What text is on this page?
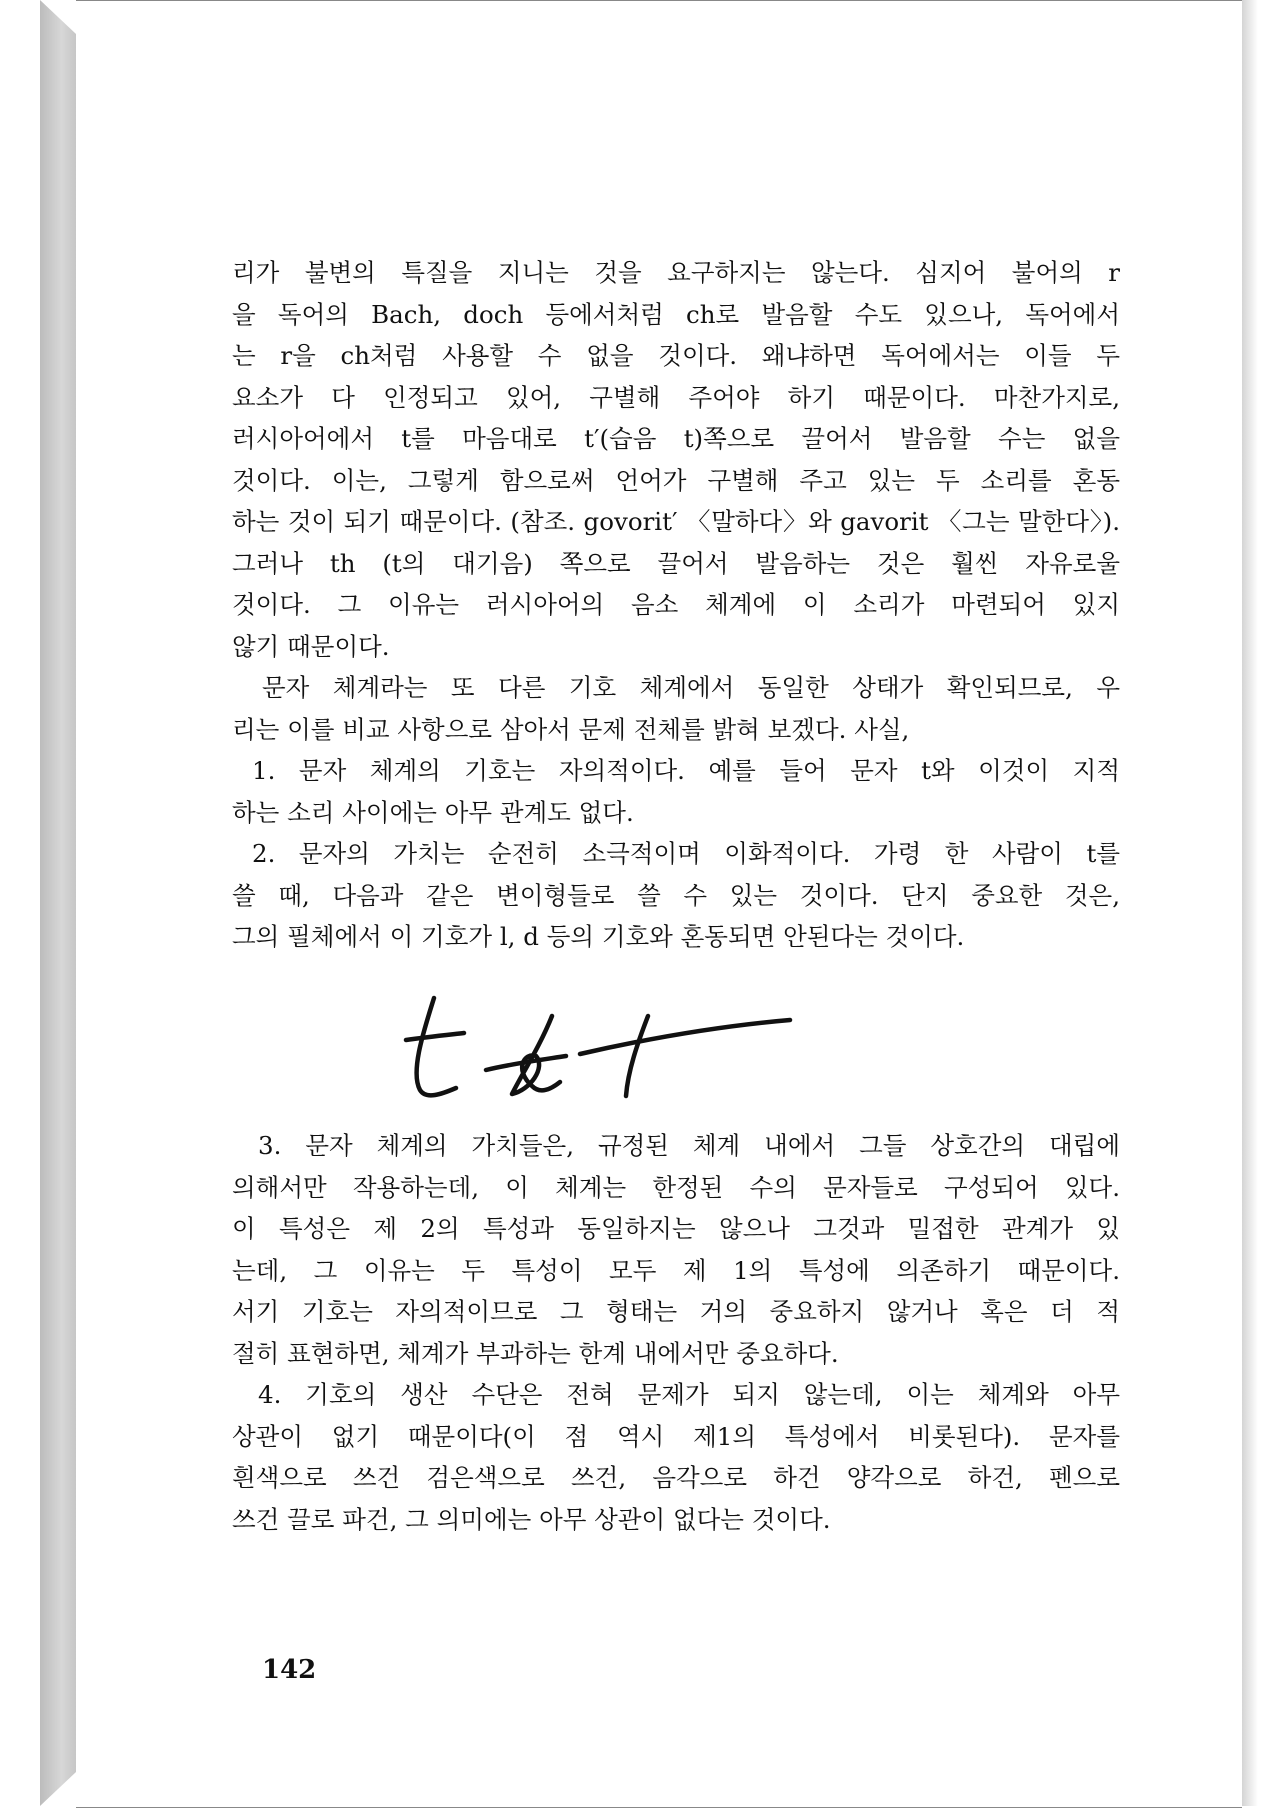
리가 불변의 특질을 지니는 것을 요구하지는 않는다. 심지어 불어의 r
을 독어의 Bach, doch 등에서처럼 ch로 발음할 수도 있으나, 독어에서
는 r을 ch처럼 사용할 수 없을 것이다. 왜냐하면 독어에서는 이들 두
요소가 다 인정되고 있어, 구별해 주어야 하기 때문이다. 마찬가지로,
러시아어에서 t를 마음대로 t′(습음 t)쪽으로 끌어서 발음할 수는 없을
것이다. 이는, 그렇게 함으로써 언어가 구별해 주고 있는 두 소리를 혼동
하는 것이 되기 때문이다. (참조. govorit′ 〈말하다〉와 gavorit 〈그는 말한다〉).
그러나 th (t의 대기음) 쪽으로 끌어서 발음하는 것은 훨씬 자유로울
것이다. 그 이유는 러시아어의 음소 체계에 이 소리가 마련되어 있지
않기 때문이다.
문자 체계라는 또 다른 기호 체계에서 동일한 상태가 확인되므로, 우
리는 이를 비교 사항으로 삼아서 문제 전체를 밝혀 보겠다. 사실,
1. 문자 체계의 기호는 자의적이다. 예를 들어 문자 t와 이것이 지적
하는 소리 사이에는 아무 관계도 없다.
2. 문자의 가치는 순전히 소극적이며 이화적이다. 가령 한 사람이 t를
쓸 때, 다음과 같은 변이형들로 쓸 수 있는 것이다. 단지 중요한 것은,
그의 필체에서 이 기호가 l, d 등의 기호와 혼동되면 안된다는 것이다.
3. 문자 체계의 가치들은, 규정된 체계 내에서 그들 상호간의 대립에
의해서만 작용하는데, 이 체계는 한정된 수의 문자들로 구성되어 있다.
이 특성은 제 2의 특성과 동일하지는 않으나 그것과 밀접한 관계가 있
는데, 그 이유는 두 특성이 모두 제 1의 특성에 의존하기 때문이다.
서기 기호는 자의적이므로 그 형태는 거의 중요하지 않거나 혹은 더 적
절히 표현하면, 체계가 부과하는 한계 내에서만 중요하다.
4. 기호의 생산 수단은 전혀 문제가 되지 않는데, 이는 체계와 아무
상관이 없기 때문이다(이 점 역시 제1의 특성에서 비롯된다). 문자를
흰색으로 쓰건 검은색으로 쓰건, 음각으로 하건 양각으로 하건, 펜으로
쓰건 끌로 파건, 그 의미에는 아무 상관이 없다는 것이다.
142
